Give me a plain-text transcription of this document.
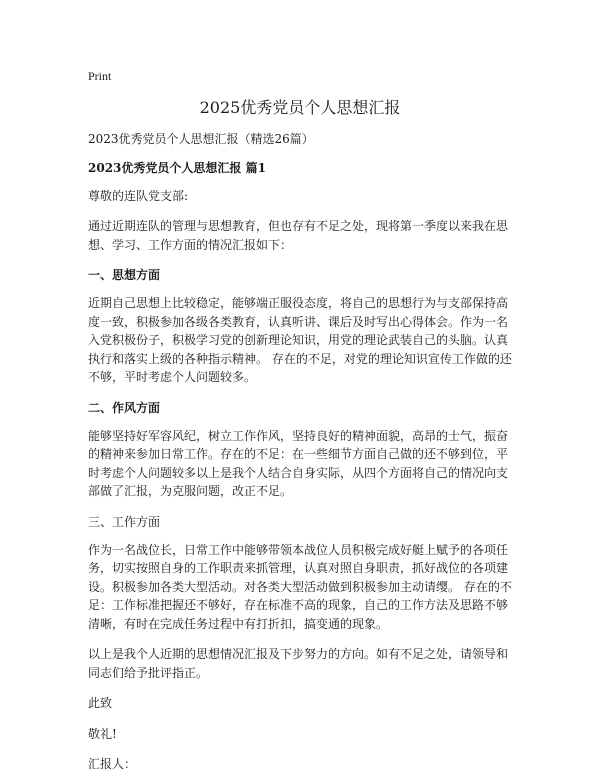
Print
2025优秀党员个人思想汇报

2023优秀党员个人思想汇报（精选26篇）

2023优秀党员个人思想汇报 篇1

尊敬的连队党支部:

通过近期连队的管理与思想教育，但也存有不足之处，现将第一季度以来我在思想、学习、工作方面的情况汇报如下：

一、思想方面

近期自己思想上比较稳定，能够端正服役态度，将自己的思想行为与支部保持高度一致，积极参加各级各类教育，认真听讲、课后及时写出心得体会。作为一名入党积极份子，积极学习党的创新理论知识，用党的理论武装自己的头脑。认真执行和落实上级的各种指示精神。 存在的不足，对党的理论知识宣传工作做的还不够，平时考虑个人问题较多。

二、作风方面

能够坚持好军容风纪，树立工作作风，坚持良好的精神面貌，高昂的士气，振奋的精神来参加日常工作。存在的不足：在一些细节方面自己做的还不够到位，平时考虑个人问题较多以上是我个人结合自身实际，从四个方面将自己的情况向支部做了汇报，为克服问题，改正不足。

三、工作方面

作为一名战位长，日常工作中能够带领本战位人员积极完成好艇上赋予的各项任务，切实按照自身的工作职责来抓管理，认真对照自身职责，抓好战位的各项建设。积极参加各类大型活动。对各类大型活动做到积极参加主动请缨。 存在的不足：工作标准把握还不够好，存在标准不高的现象，自己的工作方法及思路不够清晰，有时在完成任务过程中有打折扣，搞变通的现象。

以上是我个人近期的思想情况汇报及下步努力的方向。如有不足之处，请领导和同志们给予批评指正。

此致

敬礼!

汇报人：
